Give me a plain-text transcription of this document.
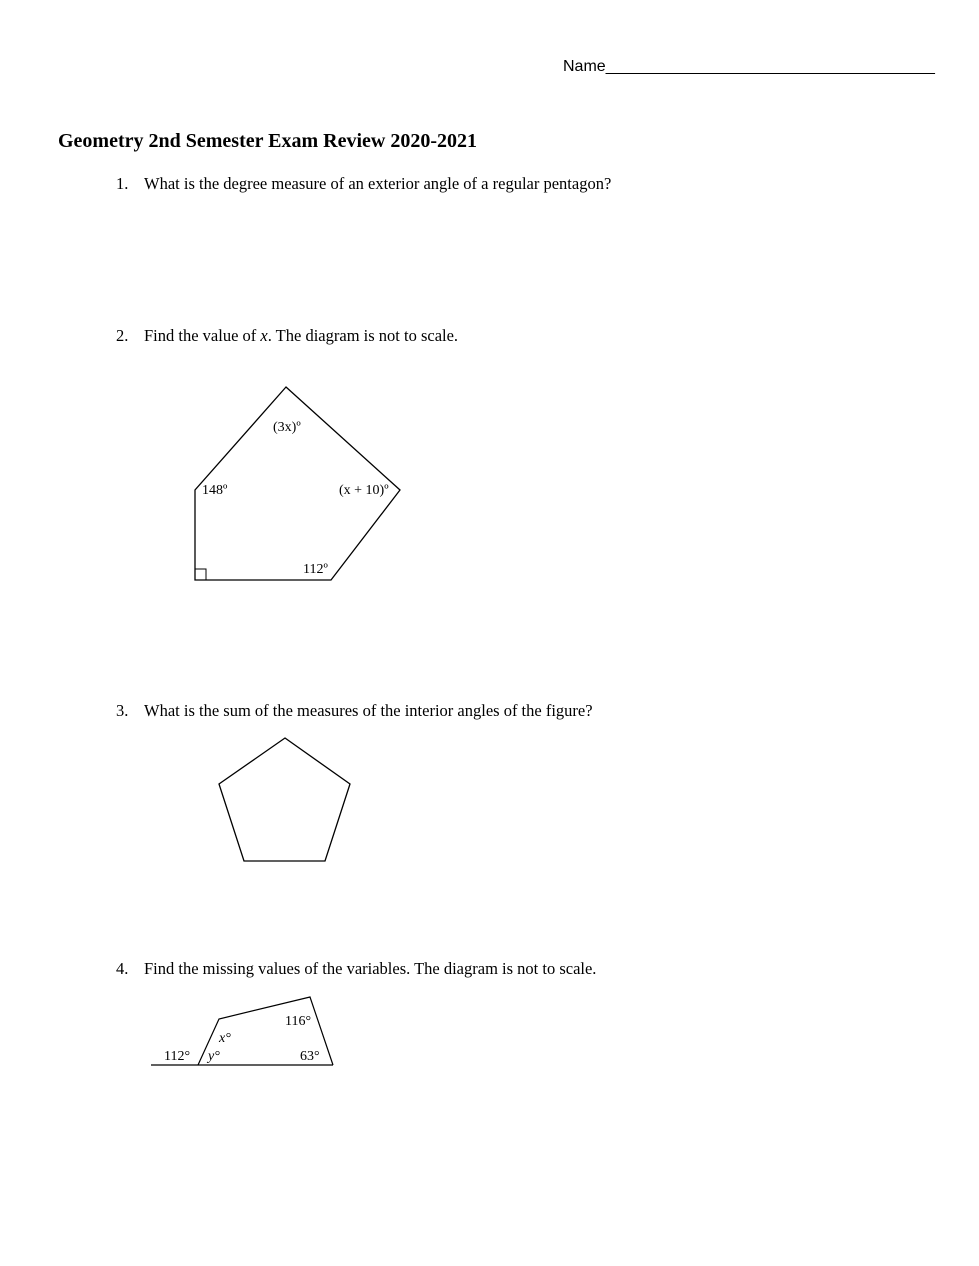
Name_____________________________________
Geometry 2nd Semester Exam Review 2020-2021
1. What is the degree measure of an exterior angle of a regular pentagon?
2. Find the value of x. The diagram is not to scale.
3. What is the sum of the measures of the interior angles of the figure?
4. Find the missing values of the variables. The diagram is not to scale.
(3x)º
148º	(x + 10)º
112º
116°
x°
y°
112°	63°
